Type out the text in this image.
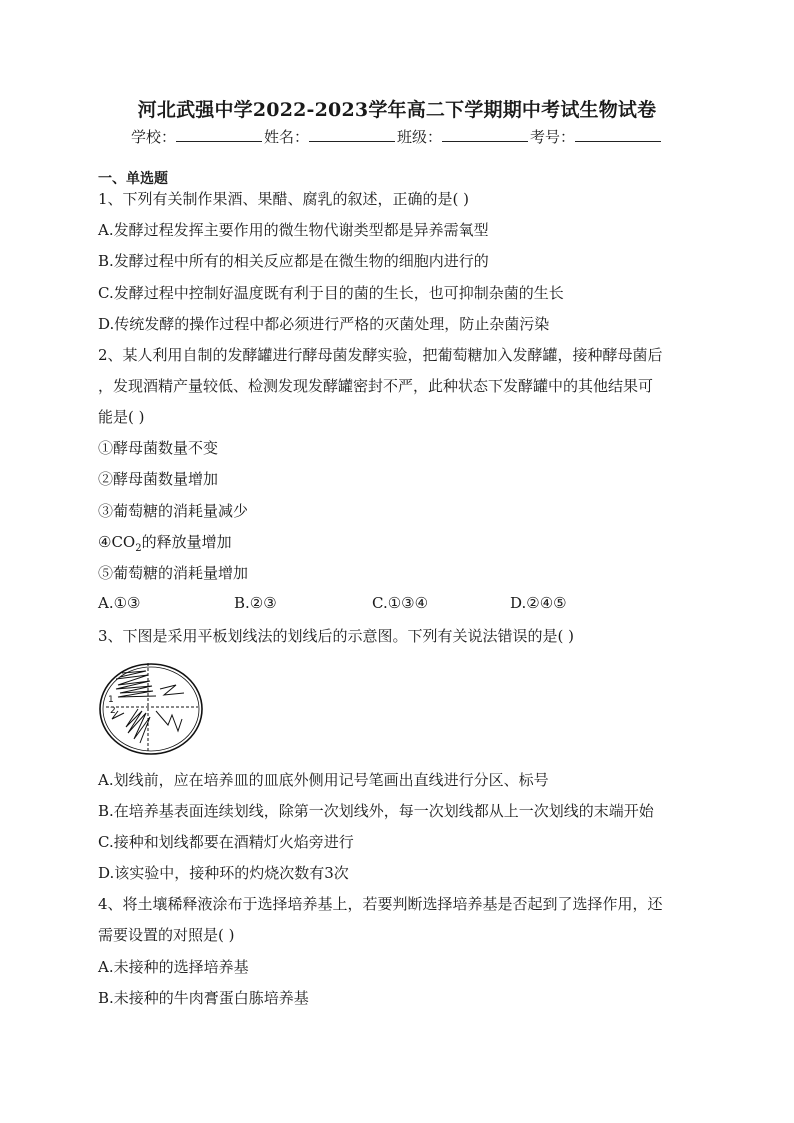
河北武强中学2022-2023学年高二下学期期中考试生物试卷
学校：	姓名：	班级：	考号：
一、单选题
1、下列有关制作果酒、果醋、腐乳的叙述，正确的是( )
A.发酵过程发挥主要作用的微生物代谢类型都是异养需氧型
B.发酵过程中所有的相关反应都是在微生物的细胞内进行的
C.发酵过程中控制好温度既有利于目的菌的生长，也可抑制杂菌的生长
D.传统发酵的操作过程中都必须进行严格的灭菌处理，防止杂菌污染
2、某人利用自制的发酵罐进行酵母菌发酵实验，把葡萄糖加入发酵罐，接种酵母菌后
，发现酒精产量较低、检测发现发酵罐密封不严，此种状态下发酵罐中的其他结果可
能是( )
①酵母菌数量不变
②酵母菌数量增加
③葡萄糖的消耗量减少
$④CO_2$的释放量增加
⑤葡萄糖的消耗量增加
A.①③	B.②③	C.①③④	D.②④⑤
3、下图是采用平板划线法的划线后的示意图。下列有关说法错误的是( )
1
2
A.划线前，应在培养皿的皿底外侧用记号笔画出直线进行分区、标号
B.在培养基表面连续划线，除第一次划线外，每一次划线都从上一次划线的末端开始
C.接种和划线都要在酒精灯火焰旁进行
D.该实验中，接种环的灼烧次数有3次
4、将土壤稀释液涂布于选择培养基上，若要判断选择培养基是否起到了选择作用，还
需要设置的对照是( )
A.未接种的选择培养基
B.未接种的牛肉膏蛋白胨培养基
